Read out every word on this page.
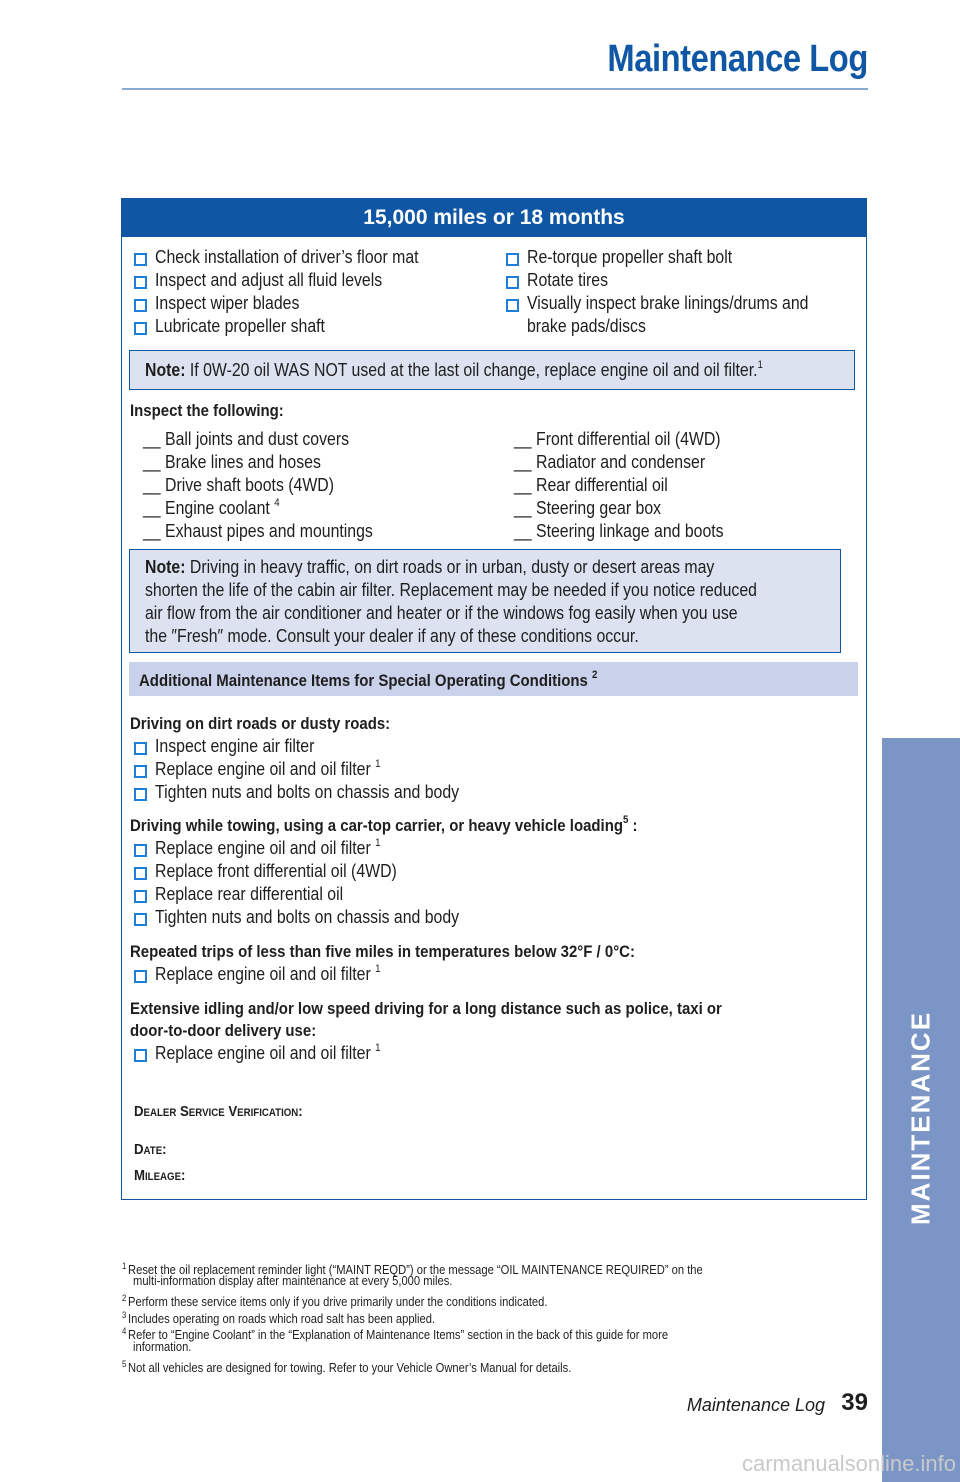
Maintenance Log
MAINTENANCE
15,000 miles or 18 months
Check installation of driver’s floor mat
Inspect and adjust all fluid levels
Inspect wiper blades
Lubricate propeller shaft
Re-torque propeller shaft bolt
Rotate tires
Visually inspect brake linings/drums and
brake pads/discs
Note: If 0W-20 oil WAS NOT used at the last oil change, replace engine oil and oil filter.$^1$
Inspect the following:
__ Ball joints and dust covers
__ Brake lines and hoses
__ Drive shaft boots (4WD)
__ Engine coolant $^4$
__ Exhaust pipes and mountings
__ Front differential oil (4WD)
__ Radiator and condenser
__ Rear differential oil
__ Steering gear box
__ Steering linkage and boots
Note: Driving in heavy traffic, on dirt roads or in urban, dusty or desert areas may
shorten the life of the cabin air filter. Replacement may be needed if you notice reduced
air flow from the air conditioner and heater or if the windows fog easily when you use
the ″Fresh″ mode. Consult your dealer if any of these conditions occur.
Additional Maintenance Items for Special Operating Conditions $^2$
Driving on dirt roads or dusty roads:
Inspect engine air filter
Replace engine oil and oil filter $^1$
Tighten nuts and bolts on chassis and body
Driving while towing, using a car-top carrier, or heavy vehicle loading$^5$ :
Replace engine oil and oil filter $^1$
Replace front differential oil (4WD)
Replace rear differential oil
Tighten nuts and bolts on chassis and body
Repeated trips of less than five miles in temperatures below 32°F / 0°C:
Replace engine oil and oil filter $^1$
Extensive idling and/or low speed driving for a long distance such as police, taxi or
door-to-door delivery use:
Replace engine oil and oil filter $^1$
Dealer Service Verification:
Date:
Mileage:
$^1$ Reset the oil replacement reminder light (“MAINT REQD”) or the message “OIL MAINTENANCE REQUIRED” on the
multi-information display after maintenance at every 5,000 miles.
$^2$ Perform these service items only if you drive primarily under the conditions indicated.
$^3$ Includes operating on roads which road salt has been applied.
$^4$ Refer to “Engine Coolant” in the “Explanation of Maintenance Items” section in the back of this guide for more
information.
$^5$ Not all vehicles are designed for towing. Refer to your Vehicle Owner’s Manual for details.
Maintenance Log 39
carmanualsonline.info
